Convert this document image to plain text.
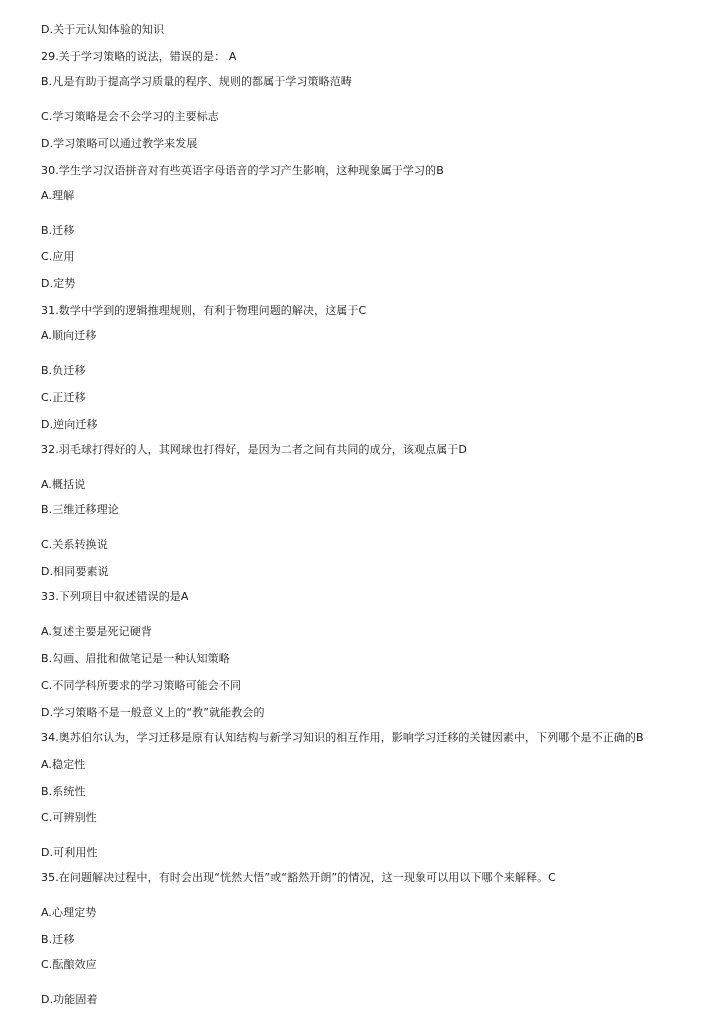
D.关于元认知体验的知识
29.关于学习策略的说法，错误的是： A
B.凡是有助于提高学习质量的程序、规则的都属于学习策略范畴
C.学习策略是会不会学习的主要标志
D.学习策略可以通过教学来发展
30.学生学习汉语拼音对有些英语字母语音的学习产生影响，这种现象属于学习的B
A.理解
B.迁移
C.应用
D.定势
31.数学中学到的逻辑推理规则，有利于物理问题的解决，这属于C
A.顺向迁移
B.负迁移
C.正迁移
D.逆向迁移
32.羽毛球打得好的人，其网球也打得好，是因为二者之间有共同的成分，该观点属于D
A.概括说
B.三维迁移理论
C.关系转换说
D.相同要素说
33.下列项目中叙述错误的是A
A.复述主要是死记硬背
B.勾画、眉批和做笔记是一种认知策略
C.不同学科所要求的学习策略可能会不同
D.学习策略不是一般意义上的“教”就能教会的
34.奥苏伯尔认为，学习迁移是原有认知结构与新学习知识的相互作用，影响学习迁移的关键因素中，下列哪个是不正确的B
A.稳定性
B.系统性
C.可辨别性
D.可利用性
35.在问题解决过程中，有时会出现“恍然大悟”或“豁然开朗”的情况，这一现象可以用以下哪个来解释。C
A.心理定势
B.迁移
C.酝酿效应
D.功能固着
